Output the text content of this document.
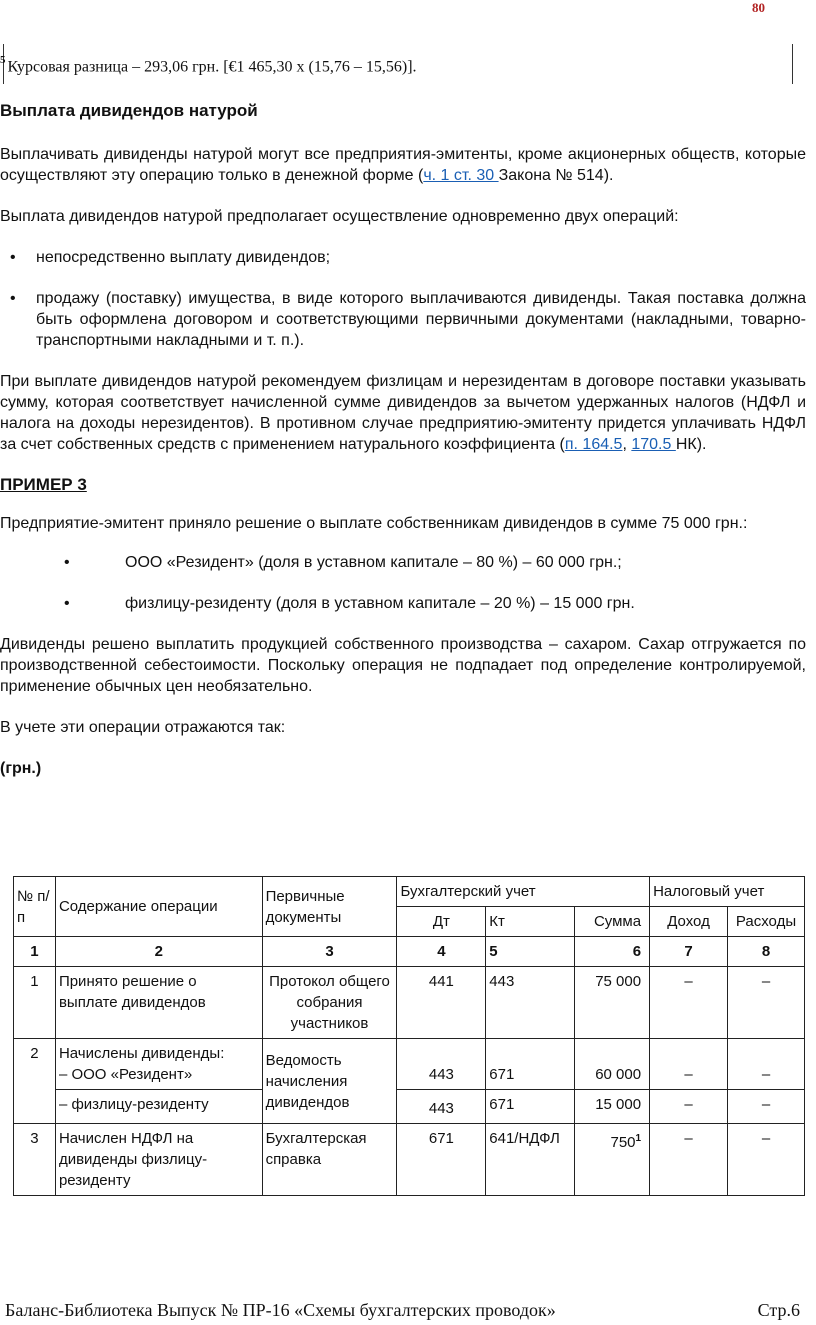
80
$^5$ Курсовая разница – 293,06 грн. [€1 465,30 х (15,76 – 15,56)].
Выплата дивидендов натурой

Выплачивать дивиденды натурой могут все предприятия-эмитенты, кроме акционерных обществ, которые осуществляют эту операцию только в денежной форме (ч. 1 ст. 30 Закона № 514).

Выплата дивидендов натурой предполагает осуществление одновременно двух операций:

•	непосредственно выплату дивидендов;
•	продажу (поставку) имущества, в виде которого выплачиваются дивиденды. Такая поставка должна быть оформлена договором и соответствующими первичными документами (накладными, товарно-транспортными накладными и т. п.).

При выплате дивидендов натурой рекомендуем физлицам и нерезидентам в договоре поставки указывать сумму, которая соответствует начисленной сумме дивидендов за вычетом удержанных налогов (НДФЛ и налога на доходы нерезидентов). В противном случае предприятию-эмитенту придется уплачивать НДФЛ за счет собственных средств с применением натурального коэффициента (п. 164.5, 170.5 НК).

ПРИМЕР 3

Предприятие-эмитент приняло решение о выплате собственникам дивидендов в сумме 75 000 грн.:

•	ООО «Резидент» (доля в уставном капитале – 80 %) – 60 000 грн.;
•	физлицу-резиденту (доля в уставном капитале – 20 %) – 15 000 грн.

Дивиденды решено выплатить продукцией собственного производства – сахаром. Сахар отгружается по производственной себестоимости. Поскольку операция не подпадает под определение контролируемой, применение обычных цен необязательно.

В учете эти операции отражаются так:

(грн.)

№ п/п	Содержание операции	Первичные документы	Бухгалтерский учет			Налоговый учет	
			Дт	Кт	Сумма	Доход	Расходы
1	2	3	4	5	6	7	8
1	Принято решение о выплате дивидендов	Протокол общего собрания участников	441	443	75 000	–	–
2	Начислены дивиденды:
– ООО «Резидент»	Ведомость начисления дивидендов	443	671	60 000	–	–
	– физлицу-резиденту		443	671	15 000	–	–
3	Начислен НДФЛ на дивиденды физлицу-резиденту	Бухгалтерская справка	671	641/НДФЛ	$750^1$	–	–
Баланс-Библиотека Выпуск № ПР-16 «Схемы бухгалтерских проводок»	Стр.6
